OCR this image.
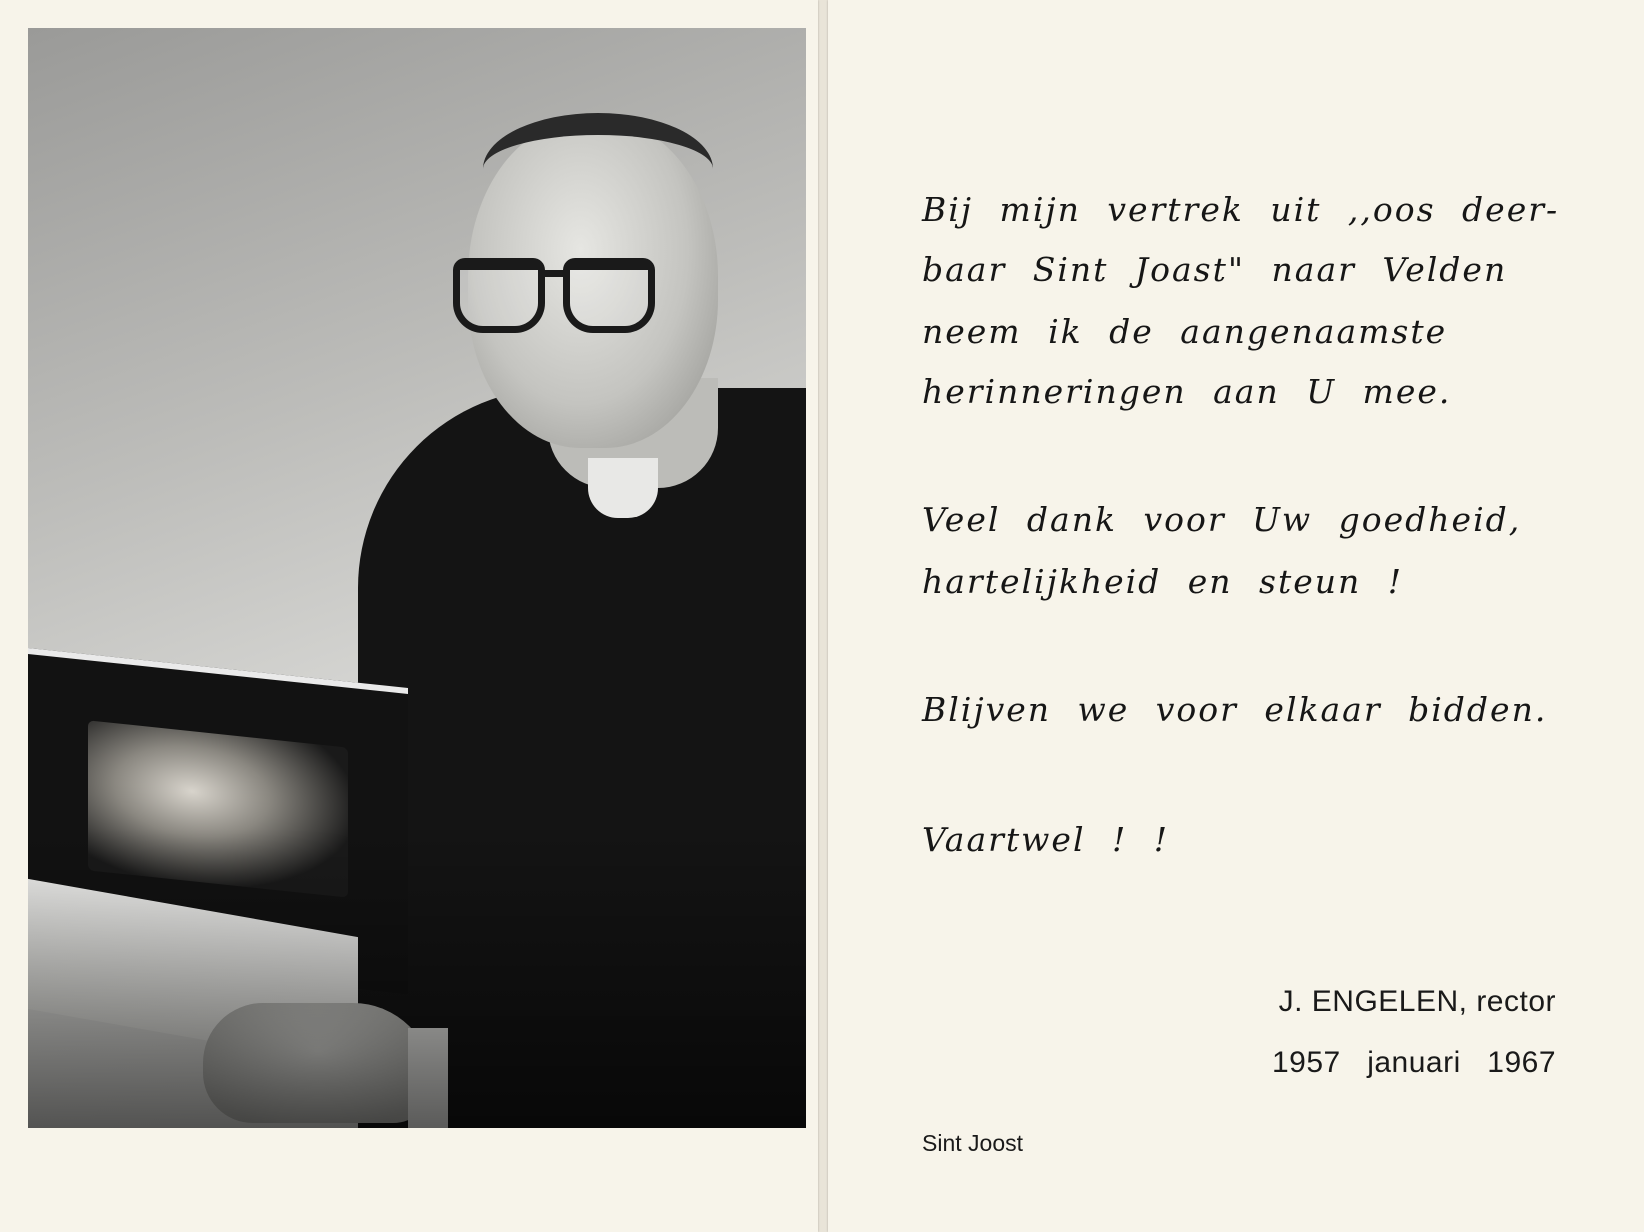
Bij mijn vertrek uit ,,oos deer-

baar Sint Joast" naar Velden

neem ik de aangenaamste

herinneringen aan U mee.

Veel dank voor Uw goedheid,

hartelijkheid en steun !

Blijven we voor elkaar bidden.

Vaartwel ! !

J. ENGELEN, rector

1957   januari   1967

Sint Joost
